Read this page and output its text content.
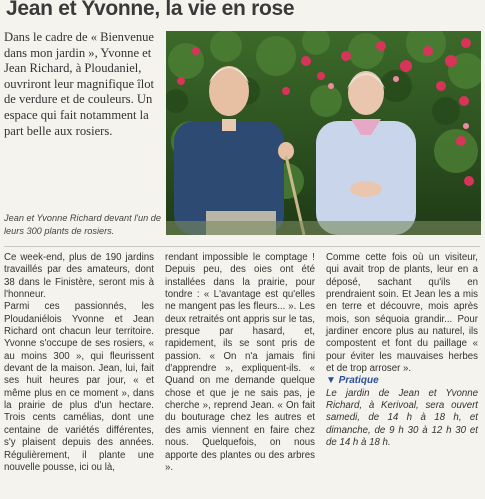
Jean et Yvonne, la vie en rose
Dans le cadre de « Bienvenue dans mon jardin », Yvonne et Jean Richard, à Ploudaniel, ouvriront leur magnifique îlot de verdure et de couleurs. Un espace qui fait notamment la part belle aux rosiers.
Jean et Yvonne Richard devant l'un de leurs 300 plants de rosiers.

Ce week-end, plus de 190 jardins travaillés par des amateurs, dont 38 dans le Finistère, seront mis à l'honneur.

Parmi ces passionnés, les Ploudaniélois Yvonne et Jean Richard ont chacun leur territoire. Yvonne s'occupe de ses rosiers, « au moins 300 », qui fleurissent devant de la maison. Jean, lui, fait ses huit heures par jour, « et même plus en ce moment », dans la prairie de plus d'un hectare. Trois cents camélias, dont une centaine de variétés différentes, s'y plaisent depuis des années. Régulièrement, il plante une nouvelle pousse, ici ou là,

rendant impossible le comptage ! Depuis peu, des oies ont été installées dans la prairie, pour tondre : « L'avantage est qu'elles ne mangent pas les fleurs... ». Les deux retraités ont appris sur le tas, presque par hasard, et, rapidement, ils se sont pris de passion. « On n'a jamais fini d'apprendre », expliquent-ils. « Quand on me demande quelque chose et que je ne sais pas, je cherche », reprend Jean. « On fait du bouturage chez les autres et des amis viennent en faire chez nous. Quelquefois, on nous apporte des plantes ou des arbres ».

Comme cette fois où un visiteur, qui avait trop de plants, leur en a déposé, sachant qu'ils en prendraient soin. Et Jean les a mis en terre et découvre, mois après mois, son séquoia grandir... Pour jardiner encore plus au naturel, ils compostent et font du paillage « pour éviter les mauvaises herbes et de trop arroser ».

▼ Pratique

Le jardin de Jean et Yvonne Richard, à Kerivoal, sera ouvert samedi, de 14 h à 18 h, et dimanche, de 9 h 30 à 12 h 30 et de 14 h à 18 h.
